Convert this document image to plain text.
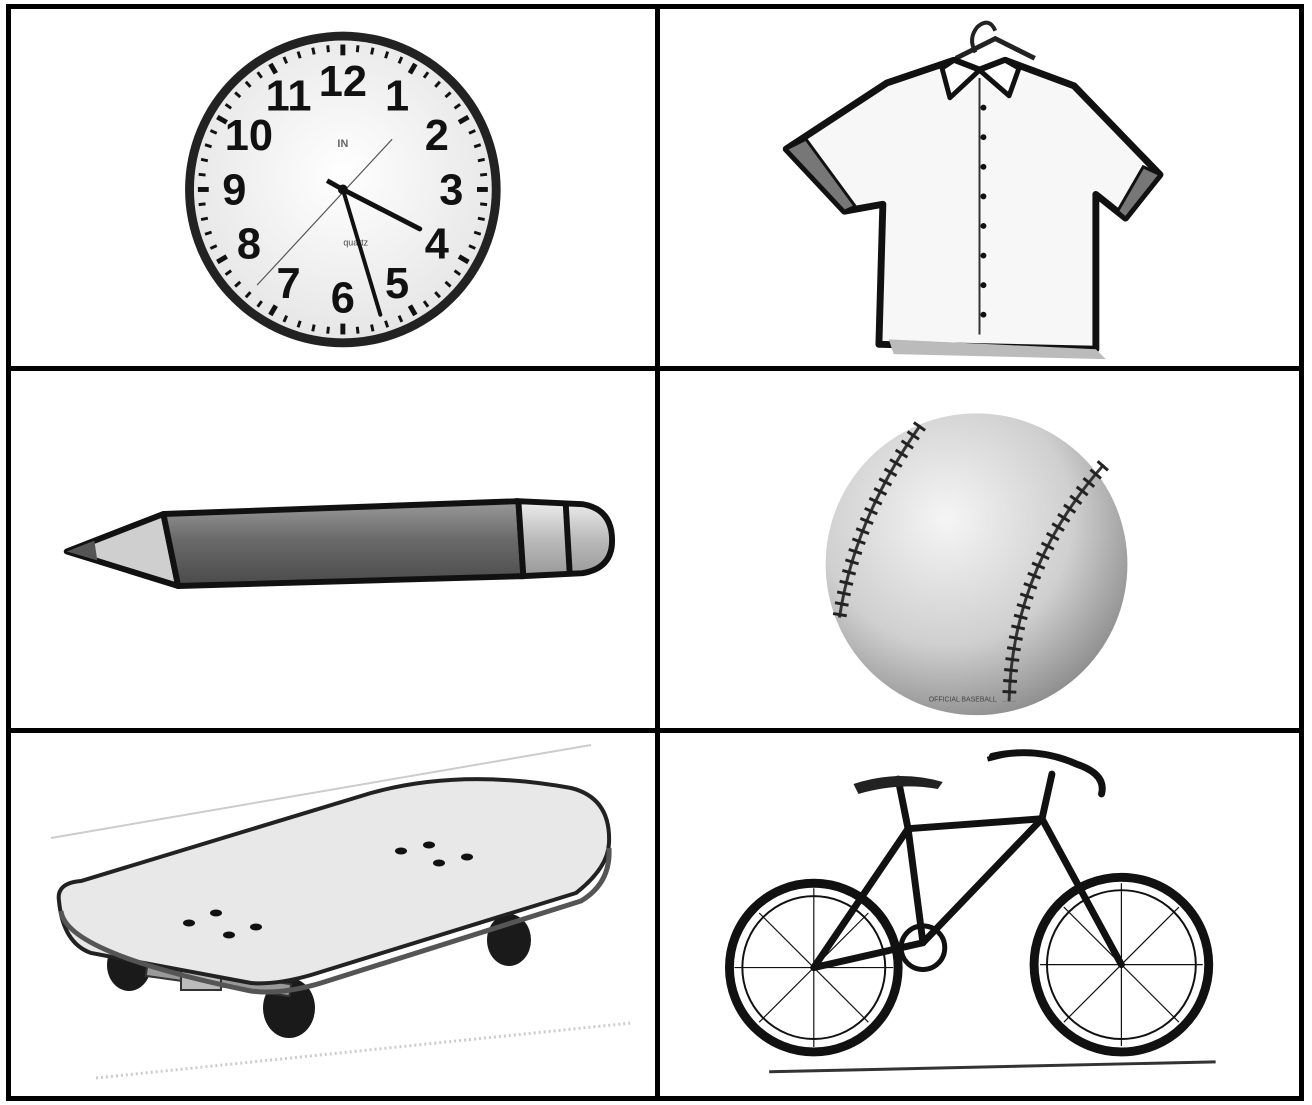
12 1
2
3
4
5
6
7
8
9
10
11
IN
quartz
OFFICIAL BASEBALL
